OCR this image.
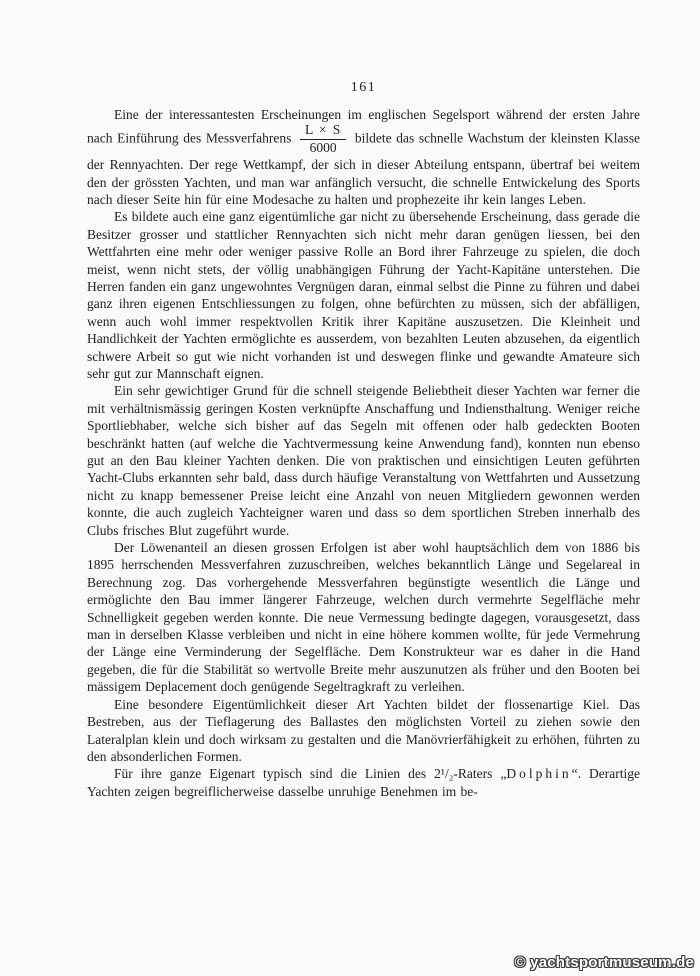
161

Eine der interessantesten Erscheinungen im englischen Segelsport während der ersten Jahre nach Einführung des Messverfahrens $\frac{L \times S}{6000}$ bildete das schnelle Wachstum der kleinsten Klasse der Rennyachten. Der rege Wettkampf, der sich in dieser Abteilung entspann, übertraf bei weitem den der grössten Yachten, und man war anfänglich versucht, die schnelle Entwickelung des Sports nach dieser Seite hin für eine Modesache zu halten und prophezeite ihr kein langes Leben.

Es bildete auch eine ganz eigentümliche gar nicht zu übersehende Erscheinung, dass gerade die Besitzer grosser und stattlicher Rennyachten sich nicht mehr daran genügen liessen, bei den Wettfahrten eine mehr oder weniger passive Rolle an Bord ihrer Fahrzeuge zu spielen, die doch meist, wenn nicht stets, der völlig unabhängigen Führung der Yacht-Kapitäne unterstehen. Die Herren fanden ein ganz ungewohntes Vergnügen daran, einmal selbst die Pinne zu führen und dabei ganz ihren eigenen Entschliessungen zu folgen, ohne befürchten zu müssen, sich der abfälligen, wenn auch wohl immer respektvollen Kritik ihrer Kapitäne auszusetzen. Die Kleinheit und Handlichkeit der Yachten ermöglichte es ausserdem, von bezahlten Leuten abzusehen, da eigentlich schwere Arbeit so gut wie nicht vorhanden ist und deswegen flinke und gewandte Amateure sich sehr gut zur Mannschaft eignen.

Ein sehr gewichtiger Grund für die schnell steigende Beliebtheit dieser Yachten war ferner die mit verhältnismässig geringen Kosten verknüpfte Anschaffung und Indiensthaltung. Weniger reiche Sportliebhaber, welche sich bisher auf das Segeln mit offenen oder halb gedeckten Booten beschränkt hatten (auf welche die Yachtvermessung keine Anwendung fand), konnten nun ebenso gut an den Bau kleiner Yachten denken. Die von praktischen und einsichtigen Leuten geführten Yacht-Clubs erkannten sehr bald, dass durch häufige Veranstaltung von Wettfahrten und Aussetzung nicht zu knapp bemessener Preise leicht eine Anzahl von neuen Mitgliedern gewonnen werden konnte, die auch zugleich Yachteigner waren und dass so dem sportlichen Streben innerhalb des Clubs frisches Blut zugeführt wurde.

Der Löwenanteil an diesen grossen Erfolgen ist aber wohl hauptsächlich dem von 1886 bis 1895 herrschenden Messverfahren zuzuschreiben, welches bekanntlich Länge und Segelareal in Berechnung zog. Das vorhergehende Messverfahren begünstigte wesentlich die Länge und ermöglichte den Bau immer längerer Fahrzeuge, welchen durch vermehrte Segelfläche mehr Schnelligkeit gegeben werden konnte. Die neue Vermessung bedingte dagegen, vorausgesetzt, dass man in derselben Klasse verbleiben und nicht in eine höhere kommen wollte, für jede Vermehrung der Länge eine Verminderung der Segelfläche. Dem Konstrukteur war es daher in die Hand gegeben, die für die Stabilität so wertvolle Breite mehr auszunutzen als früher und den Booten bei mässigem Deplacement doch genügende Segeltragkraft zu verleihen.

Eine besondere Eigentümlichkeit dieser Art Yachten bildet der flossenartige Kiel. Das Bestreben, aus der Tieflagerung des Ballastes den möglichsten Vorteil zu ziehen sowie den Lateralplan klein und doch wirksam zu gestalten und die Manövrierfähigkeit zu erhöhen, führten zu den absonderlichen Formen.

Für ihre ganze Eigenart typisch sind die Linien des 2¹/₂-Raters „Dolphin“. Derartige Yachten zeigen begreiflicherweise dasselbe unruhige Benehmen im be-

© yachtsportmuseum.de
